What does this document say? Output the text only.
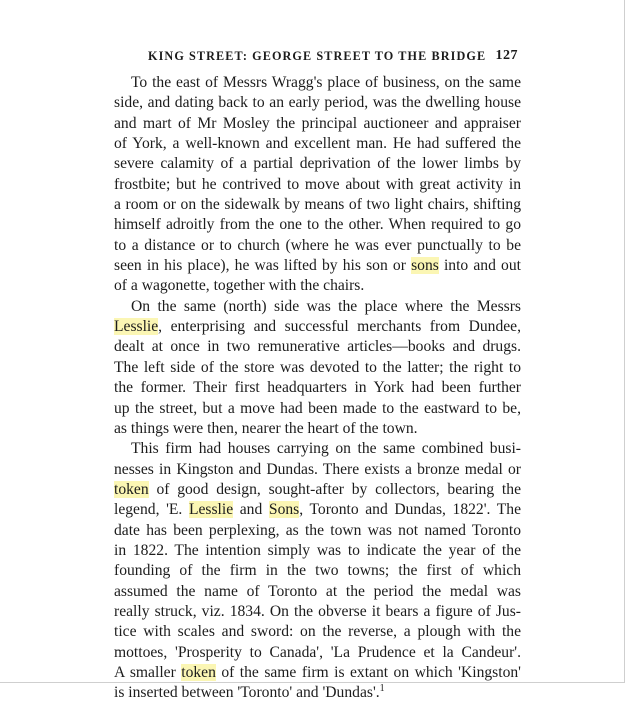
KING STREET: GEORGE STREET TO THE BRIDGE 127
To the east of Messrs Wragg's place of business, on the same
side, and dating back to an early period, was the dwelling house
and mart of Mr Mosley the principal auctioneer and appraiser
of York, a well-known and excellent man. He had suffered the
severe calamity of a partial deprivation of the lower limbs by
frostbite; but he contrived to move about with great activity in
a room or on the sidewalk by means of two light chairs, shifting
himself adroitly from the one to the other. When required to go
to a distance or to church (where he was ever punctually to be
seen in his place), he was lifted by his son or sons into and out
of a wagonette, together with the chairs.
On the same (north) side was the place where the Messrs
Lesslie, enterprising and successful merchants from Dundee,
dealt at once in two remunerative articles—books and drugs.
The left side of the store was devoted to the latter; the right to
the former. Their first headquarters in York had been further
up the street, but a move had been made to the eastward to be,
as things were then, nearer the heart of the town.
This firm had houses carrying on the same combined busi-
nesses in Kingston and Dundas. There exists a bronze medal or
token of good design, sought-after by collectors, bearing the
legend, 'E. Lesslie and Sons, Toronto and Dundas, 1822'. The
date has been perplexing, as the town was not named Toronto
in 1822. The intention simply was to indicate the year of the
founding of the firm in the two towns; the first of which
assumed the name of Toronto at the period the medal was
really struck, viz. 1834. On the obverse it bears a figure of Jus-
tice with scales and sword: on the reverse, a plough with the
mottoes, 'Prosperity to Canada', 'La Prudence et la Candeur'.
A smaller token of the same firm is extant on which 'Kingston'
is inserted between 'Toronto' and 'Dundas'.$^1$
